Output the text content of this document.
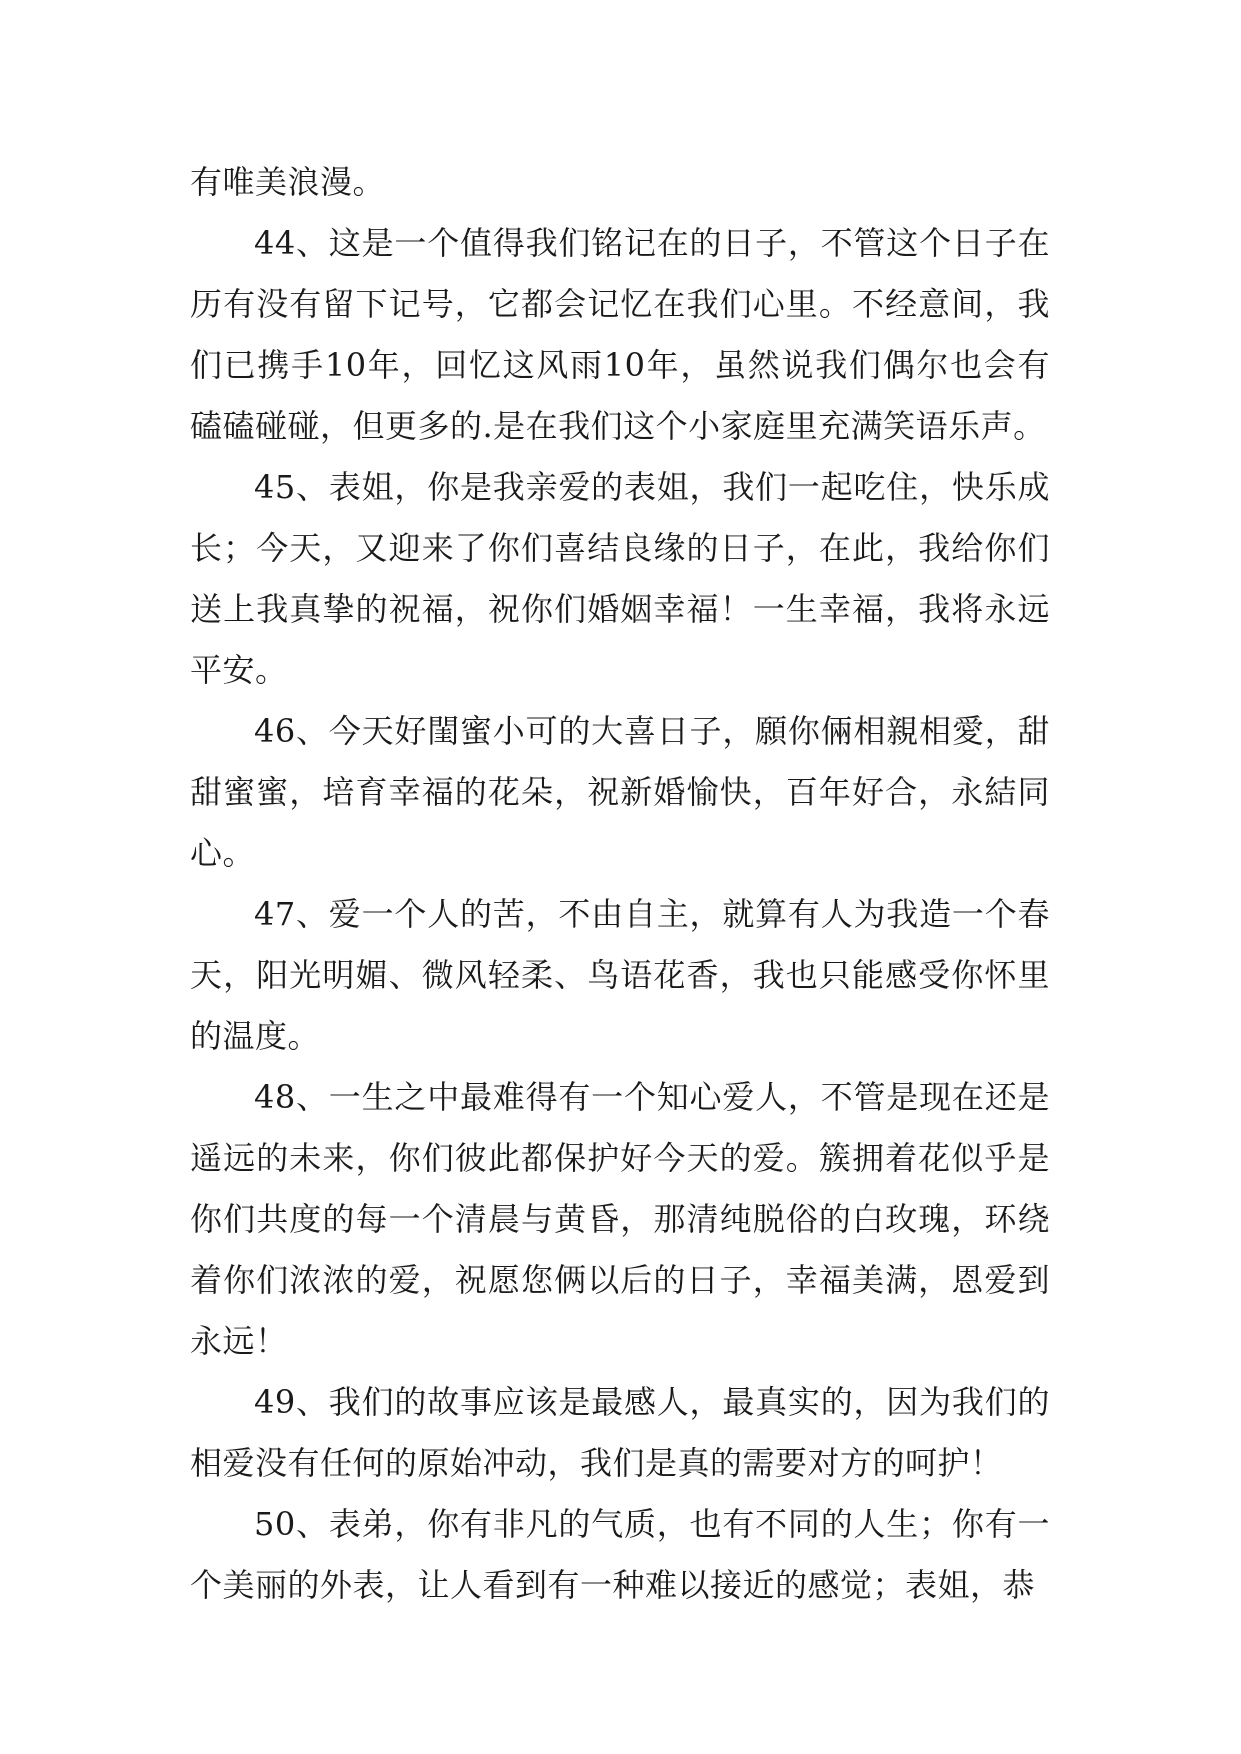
有唯美浪漫。

44、这是一个值得我们铭记在的日子，不管这个日子在历有没有留下记号，它都会记忆在我们心里。不经意间，我们已携手10年，回忆这风雨10年，虽然说我们偶尔也会有磕磕碰碰，但更多的.是在我们这个小家庭里充满笑语乐声。

45、表姐，你是我亲爱的表姐，我们一起吃住，快乐成长；今天，又迎来了你们喜结良缘的日子，在此，我给你们送上我真挚的祝福，祝你们婚姻幸福！一生幸福，我将永远平安。

46、今天好閨蜜小可的大喜日子，願你倆相親相愛，甜甜蜜蜜，培育幸福的花朵，祝新婚愉快，百年好合，永結同心。

47、爱一个人的苦，不由自主，就算有人为我造一个春天，阳光明媚、微风轻柔、鸟语花香，我也只能感受你怀里的温度。

48、一生之中最难得有一个知心爱人，不管是现在还是遥远的未来，你们彼此都保护好今天的爱。簇拥着花似乎是你们共度的每一个清晨与黄昏，那清纯脱俗的白玫瑰，环绕着你们浓浓的爱，祝愿您俩以后的日子，幸福美满，恩爱到永远！

49、我们的故事应该是最感人，最真实的，因为我们的相爱没有任何的原始冲动，我们是真的需要对方的呵护！

50、表弟，你有非凡的气质，也有不同的人生；你有一个美丽的外表，让人看到有一种难以接近的感觉；表姐，恭
